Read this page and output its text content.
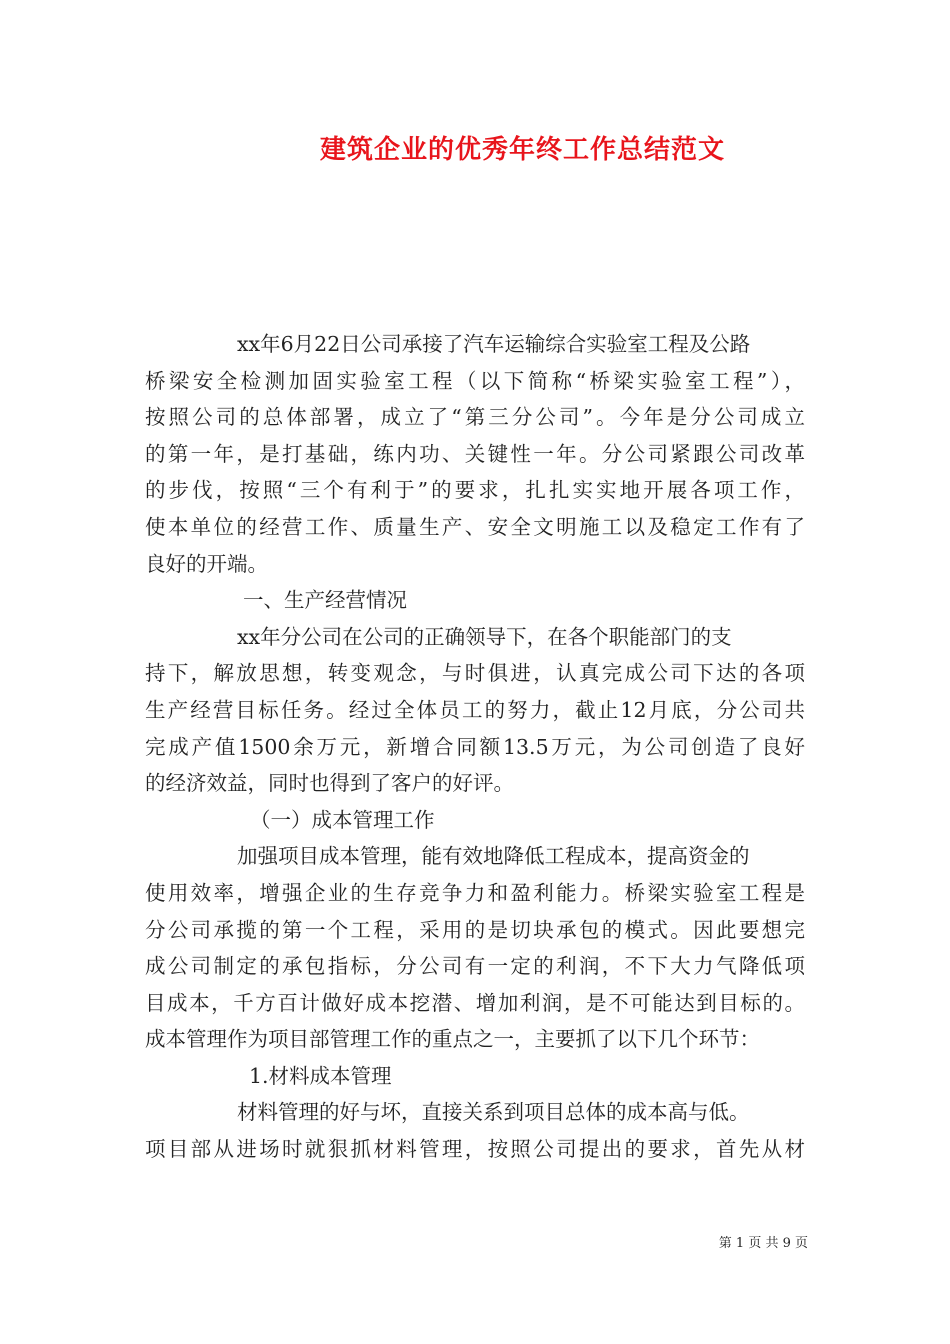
建筑企业的优秀年终工作总结范文
xx年6月22日公司承接了汽车运输综合实验室工程及公路
桥梁安全检测加固实验室工程（以下简称“桥梁实验室工程”），
按照公司的总体部署，成立了“第三分公司”。今年是分公司成立
的第一年，是打基础，练内功、关键性一年。分公司紧跟公司改革
的步伐，按照“三个有利于”的要求，扎扎实实地开展各项工作，
使本单位的经营工作、质量生产、安全文明施工以及稳定工作有了
良好的开端。
一、生产经营情况
xx年分公司在公司的正确领导下，在各个职能部门的支
持下，解放思想，转变观念，与时俱进，认真完成公司下达的各项
生产经营目标任务。经过全体员工的努力，截止12月底，分公司共
完成产值1500余万元，新增合同额13.5万元，为公司创造了良好
的经济效益，同时也得到了客户的好评。
（一）成本管理工作
加强项目成本管理，能有效地降低工程成本，提高资金的
使用效率，增强企业的生存竞争力和盈利能力。桥梁实验室工程是
分公司承揽的第一个工程，采用的是切块承包的模式。因此要想完
成公司制定的承包指标，分公司有一定的利润，不下大力气降低项
目成本，千方百计做好成本挖潜、增加利润，是不可能达到目标的。
成本管理作为项目部管理工作的重点之一，主要抓了以下几个环节：
1.材料成本管理
材料管理的好与坏，直接关系到项目总体的成本高与低。
项目部从进场时就狠抓材料管理，按照公司提出的要求，首先从材
第 1 页 共 9 页
